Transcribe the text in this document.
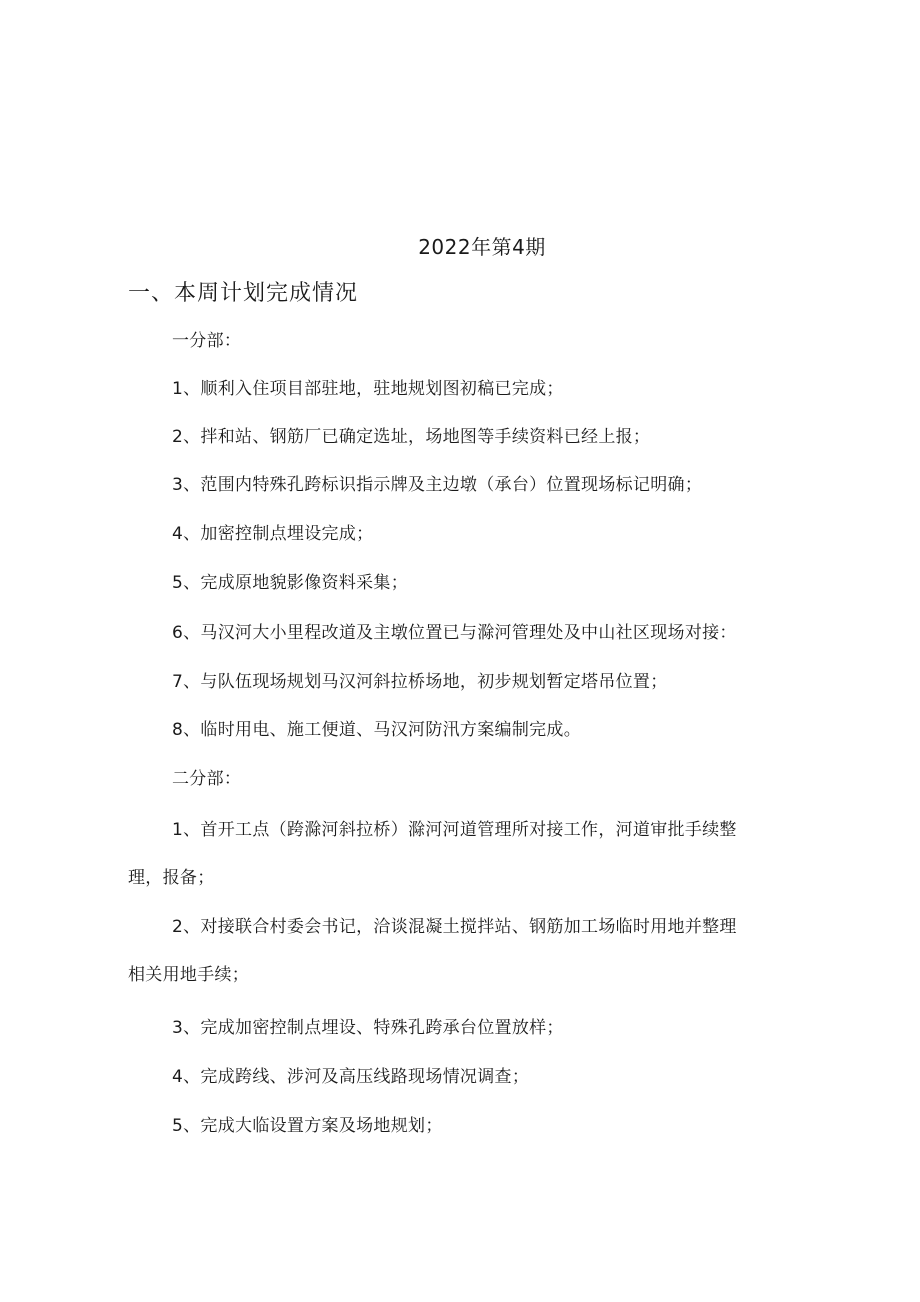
2022年第4期
一、本周计划完成情况
一分部：
1、顺利入住项目部驻地，驻地规划图初稿已完成；
2、拌和站、钢筋厂已确定选址，场地图等手续资料已经上报；
3、范围内特殊孔跨标识指示牌及主边墩（承台）位置现场标记明确；
4、加密控制点埋设完成；
5、完成原地貌影像资料采集；
6、马汉河大小里程改道及主墩位置已与滁河管理处及中山社区现场对接：
7、与队伍现场规划马汉河斜拉桥场地，初步规划暂定塔吊位置；
8、临时用电、施工便道、马汉河防汛方案编制完成。
二分部：
1、首开工点（跨滁河斜拉桥）滁河河道管理所对接工作，河道审批手续整
理，报备；
2、对接联合村委会书记，洽谈混凝土搅拌站、钢筋加工场临时用地并整理
相关用地手续；
3、完成加密控制点埋设、特殊孔跨承台位置放样；
4、完成跨线、涉河及高压线路现场情况调查；
5、完成大临设置方案及场地规划；
